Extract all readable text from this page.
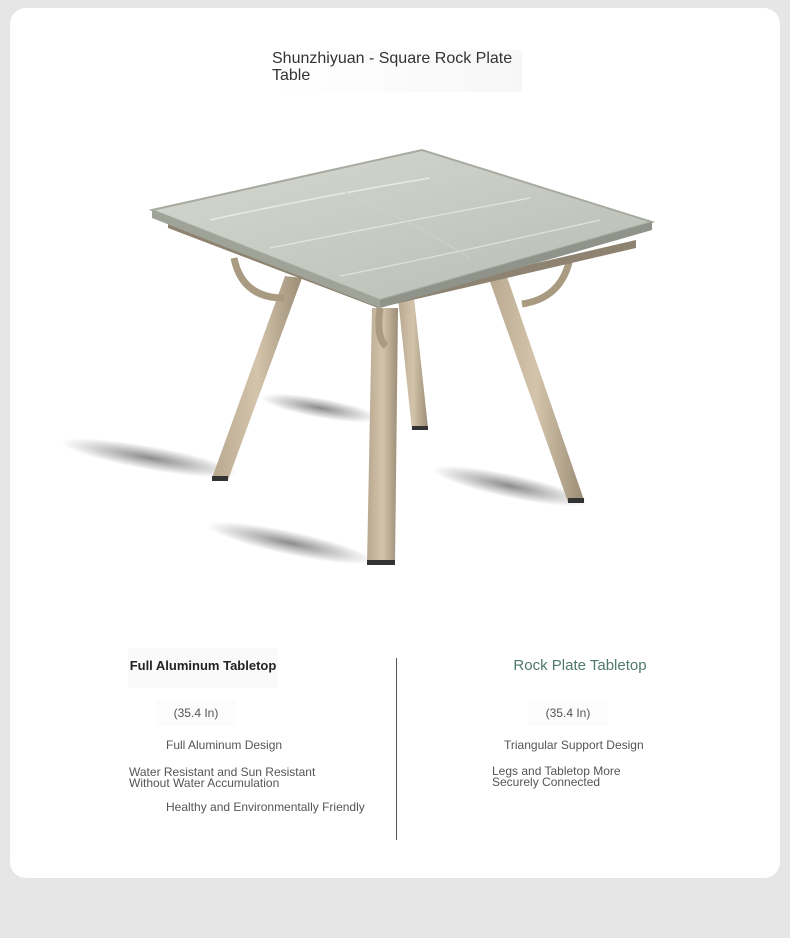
Shunzhiyuan - Square Rock Plate Table
Full Aluminum Tabletop	Rock Plate Tabletop
(35.4 In)	(35.4 In)
Full Aluminum Design
Water Resistant and Sun Resistant Without Water Accumulation
Healthy and Environmentally Friendly
Triangular Support Design
Legs and Tabletop More Securely Connected
